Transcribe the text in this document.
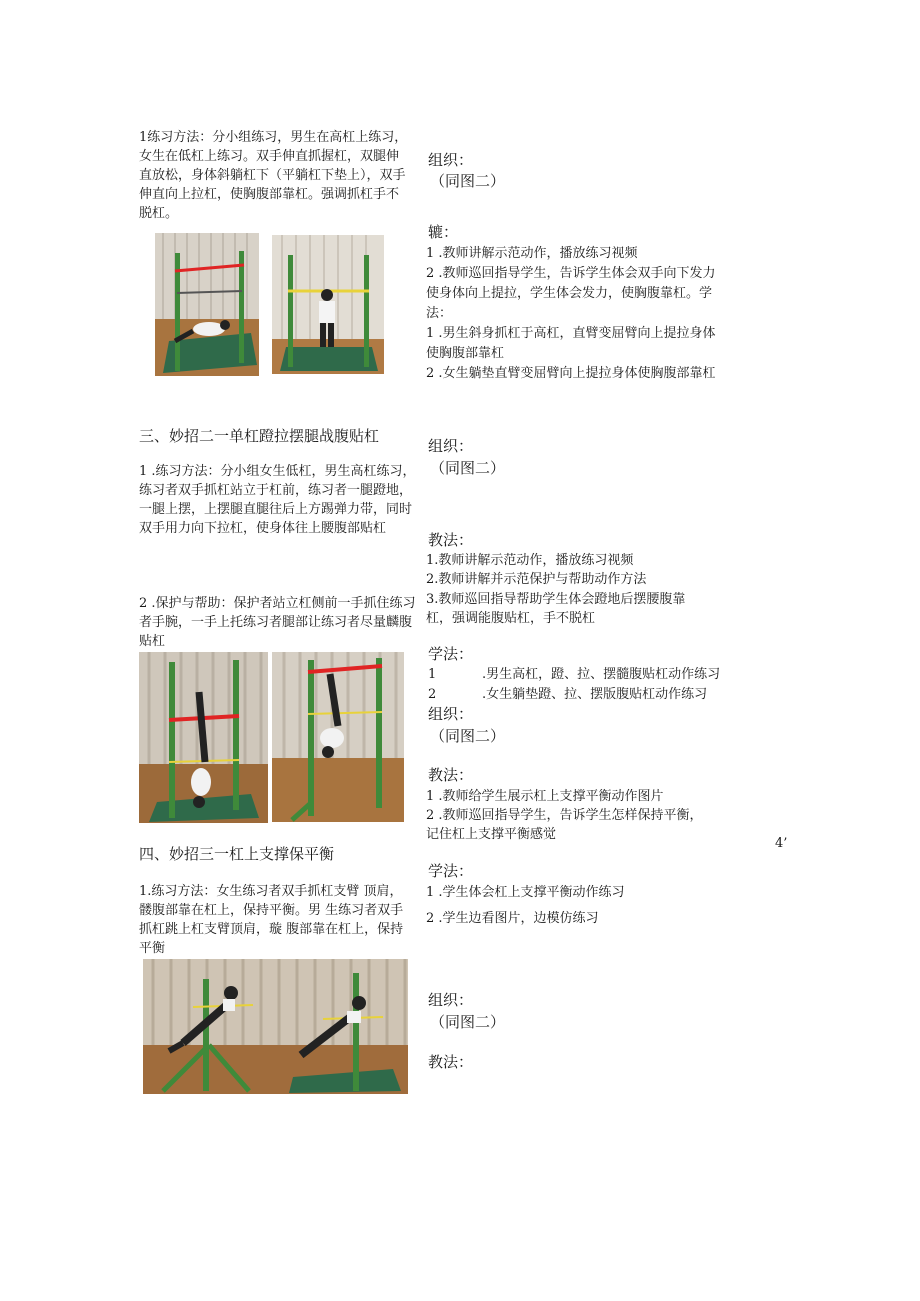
1练习方法：分小组练习，男生在高杠上练习，女生在低杠上练习。双手伸直抓握杠，双腿伸直放松，身体斜躺杠下（平躺杠下垫上），双手伸直向上拉杠，使胸腹部靠杠。强调抓杠手不脱杠。
三、妙招二一单杠蹬拉摆腿战腹贴杠
1 .练习方法：分小组女生低杠，男生高杠练习，练习者双手抓杠站立于杠前，练习者一腿蹬地，一腿上摆，上摆腿直腿往后上方踢弹力带，同时双手用力向下拉杠，使身体往上腰腹部贴杠
2 .保护与帮助：保护者站立杠侧前一手抓住练习者手腕，一手上托练习者腿部让练习者尽量麟腹贴杠
四、妙招三一杠上支撑保平衡
1.练习方法：女生练习者双手抓杠支臂 顶肩，髅腹部靠在杠上，保持平衡。男 生练习者双手抓杠跳上杠支臂顶肩，璇 腹部靠在杠上，保持平衡
组织：
（同图二）
辘：
1 .教师讲解示范动作，播放练习视频
2 .教师巡回指导学生，告诉学生体会双手向下发力
使身体向上提拉，学生体会发力，使胸腹靠杠。学
法：
1 .男生斜身抓杠于高杠，直臂变屈臂向上提拉身体
使胸腹部靠杠
2 .女生躺垫直臂变屈臂向上提拉身体使胸腹部靠杠
组织：
（同图二）
教法：
1.教师讲解示范动作，播放练习视频
2.教师讲解并示范保护与帮助动作方法
3.教师巡回指导帮助学生体会蹬地后摆腰腹靠
杠，强调能腹贴杠，手不脱杠
学法：
1	.男生高杠，蹬、拉、摆髓腹贴杠动作练习
2	.女生躺垫蹬、拉、摆版腹贴杠动作练习
组织：
（同图二）
教法：
1 .教师给学生展示杠上支撑平衡动作图片
2 .教师巡回指导学生，告诉学生怎样保持平衡，
记住杠上支撑平衡感觉
4’
学法：
1 .学生体会杠上支撑平衡动作练习
2 .学生边看图片，边模仿练习
组织：
（同图二）
教法：
